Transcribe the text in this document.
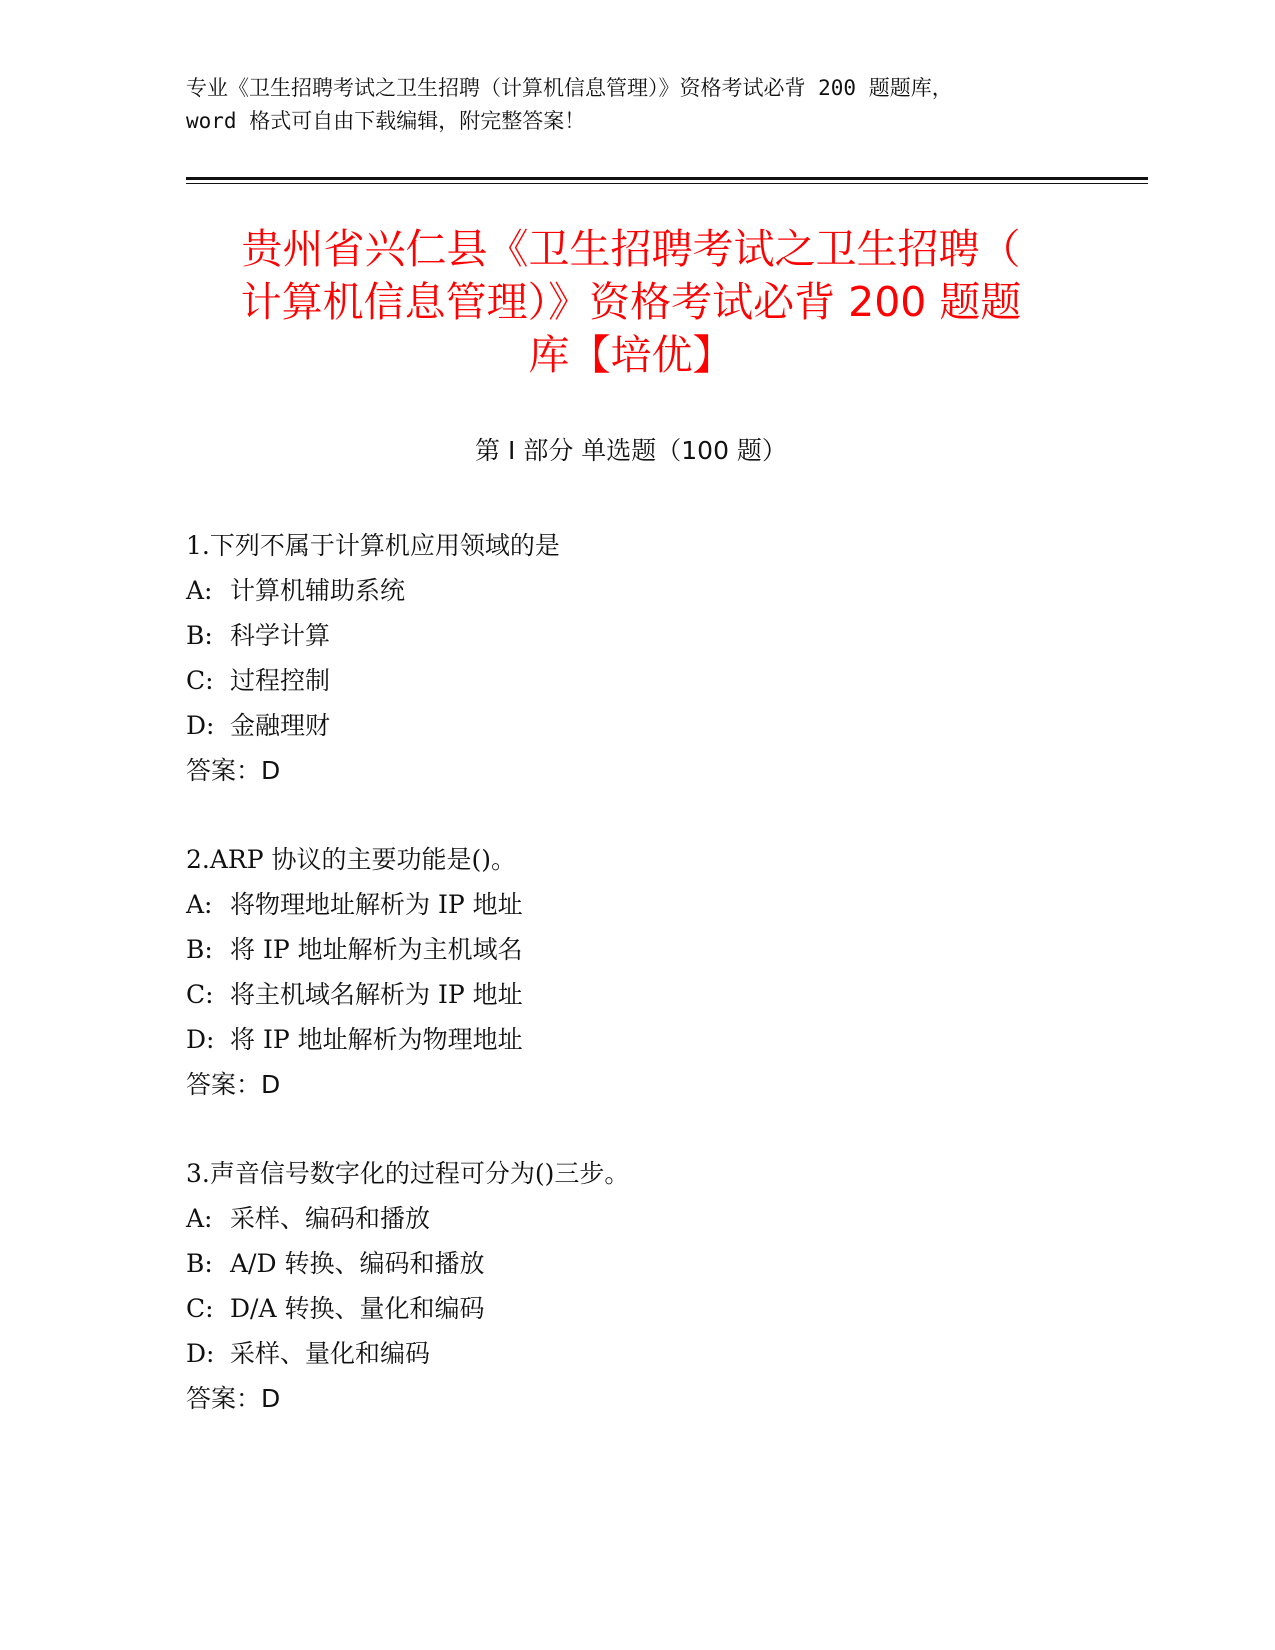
专业《卫生招聘考试之卫生招聘（计算机信息管理）》资格考试必背 200 题题库，
word 格式可自由下载编辑，附完整答案！
贵州省兴仁县《卫生招聘考试之卫生招聘（
计算机信息管理）》资格考试必背 200 题题
库【培优】
第 I 部分 单选题（100 题）
1.下列不属于计算机应用领域的是
A: 计算机辅助系统
B: 科学计算
C: 过程控制
D: 金融理财
答案：D
2.ARP 协议的主要功能是()。
A: 将物理地址解析为 IP 地址
B: 将 IP 地址解析为主机域名
C: 将主机域名解析为 IP 地址
D: 将 IP 地址解析为物理地址
答案：D
3.声音信号数字化的过程可分为()三步。
A: 采样、编码和播放
B: A/D 转换、编码和播放
C: D/A 转换、量化和编码
D: 采样、量化和编码
答案：D
